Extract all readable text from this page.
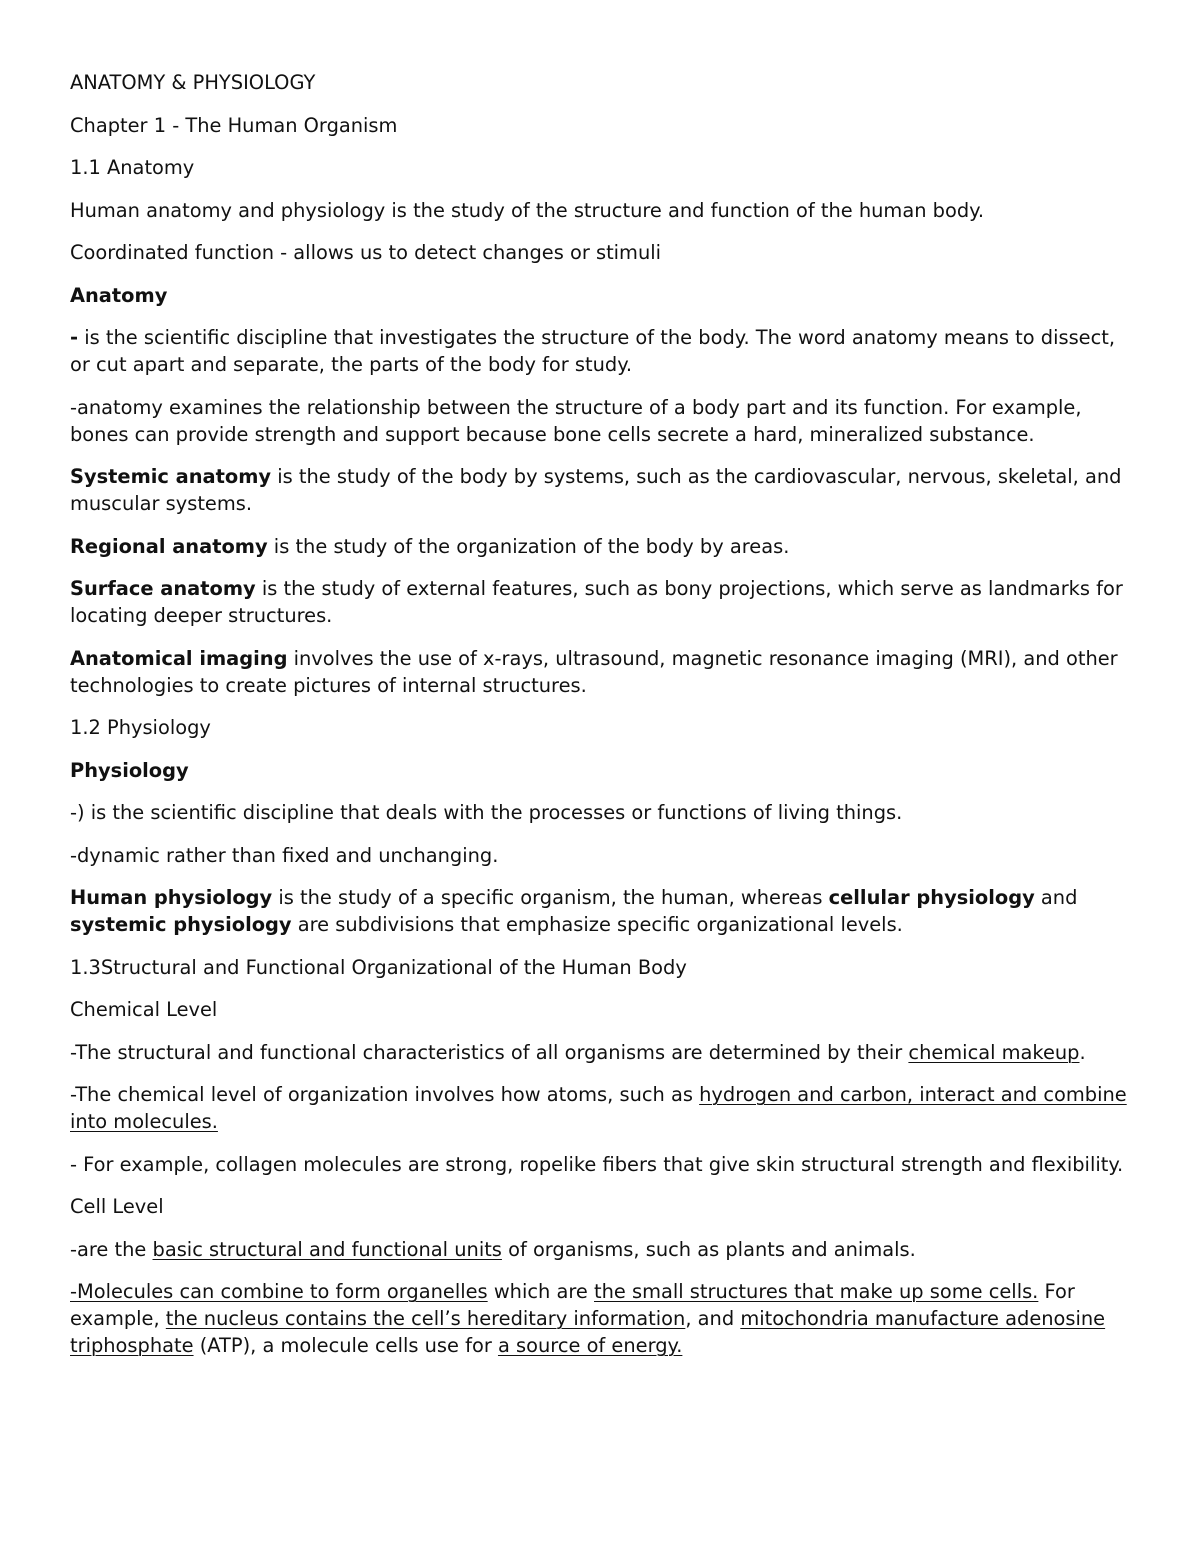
ANATOMY & PHYSIOLOGY

Chapter 1 - The Human Organism

1.1 Anatomy

Human anatomy and physiology is the study of the structure and function of the human body.

Coordinated function - allows us to detect changes or stimuli

Anatomy

- is the scientific discipline that investigates the structure of the body. The word anatomy means to dissect, or cut apart and separate, the parts of the body for study.

-anatomy examines the relationship between the structure of a body part and its function. For example, bones can provide strength and support because bone cells secrete a hard, mineralized substance.

Systemic anatomy is the study of the body by systems, such as the cardiovascular, nervous, skeletal, and muscular systems.

Regional anatomy is the study of the organization of the body by areas.

Surface anatomy is the study of external features, such as bony projections, which serve as landmarks for locating deeper structures.

Anatomical imaging involves the use of x-rays, ultrasound, magnetic resonance imaging (MRI), and other technologies to create pictures of internal structures.

1.2 Physiology

Physiology

-) is the scientific discipline that deals with the processes or functions of living things.

-dynamic rather than fixed and unchanging.

Human physiology is the study of a specific organism, the human, whereas cellular physiology and systemic physiology are subdivisions that emphasize specific organizational levels.

1.3Structural and Functional Organizational of the Human Body

Chemical Level

-The structural and functional characteristics of all organisms are determined by their chemical makeup.

-The chemical level of organization involves how atoms, such as hydrogen and carbon, interact and combine into molecules.

- For example, collagen molecules are strong, ropelike fibers that give skin structural strength and flexibility.

Cell Level

-are the basic structural and functional units of organisms, such as plants and animals.

-Molecules can combine to form organelles which are the small structures that make up some cells. For example, the nucleus contains the cell’s hereditary information, and mitochondria manufacture adenosine triphosphate (ATP), a molecule cells use for a source of energy.
